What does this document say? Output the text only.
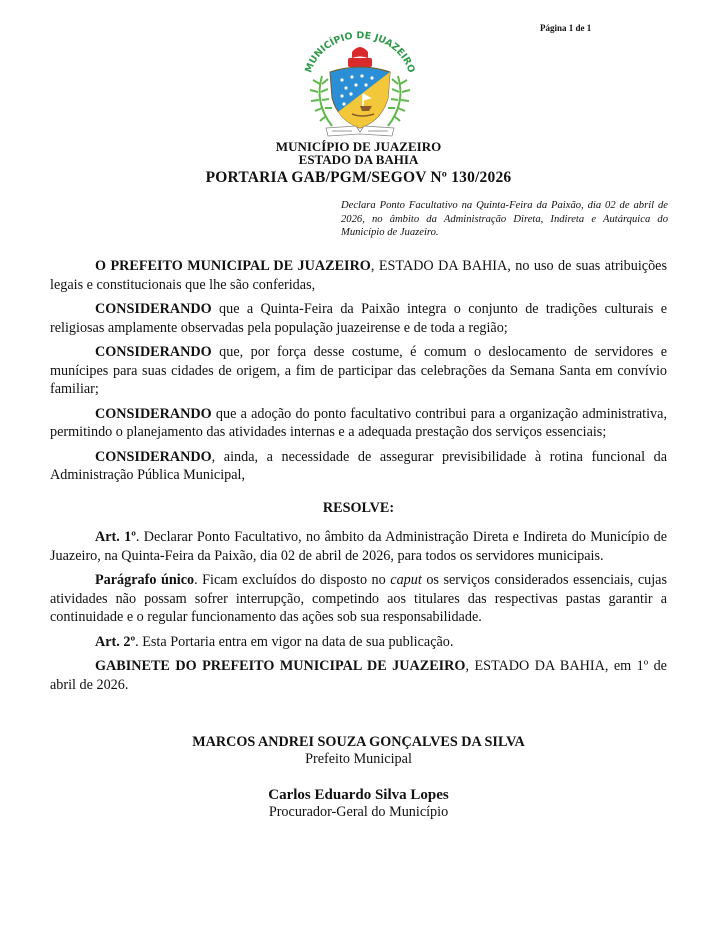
Página 1 de 1
MUNICÍPIO DE JUAZEIRO
MUNICÍPIO DE JUAZEIRO
ESTADO DA BAHIA
PORTARIA GAB/PGM/SEGOV Nº 130/2026
Declara Ponto Facultativo na Quinta-Feira da Paixão, dia 02 de abril de 2026, no âmbito da Administração Direta, Indireta e Autárquica do Município de Juazeiro.

O PREFEITO MUNICIPAL DE JUAZEIRO, ESTADO DA BAHIA, no uso de suas atribuições legais e constitucionais que lhe são conferidas,

CONSIDERANDO que a Quinta-Feira da Paixão integra o conjunto de tradições culturais e religiosas amplamente observadas pela população juazeirense e de toda a região;

CONSIDERANDO que, por força desse costume, é comum o deslocamento de servidores e munícipes para suas cidades de origem, a fim de participar das celebrações da Semana Santa em convívio familiar;

CONSIDERANDO que a adoção do ponto facultativo contribui para a organização administrativa, permitindo o planejamento das atividades internas e a adequada prestação dos serviços essenciais;

CONSIDERANDO, ainda, a necessidade de assegurar previsibilidade à rotina funcional da Administração Pública Municipal,

RESOLVE:

Art. 1º. Declarar Ponto Facultativo, no âmbito da Administração Direta e Indireta do Município de Juazeiro, na Quinta-Feira da Paixão, dia 02 de abril de 2026, para todos os servidores municipais.

Parágrafo único. Ficam excluídos do disposto no caput os serviços considerados essenciais, cujas atividades não possam sofrer interrupção, competindo aos titulares das respectivas pastas garantir a continuidade e o regular funcionamento das ações sob sua responsabilidade.

Art. 2º. Esta Portaria entra em vigor na data de sua publicação.

GABINETE DO PREFEITO MUNICIPAL DE JUAZEIRO, ESTADO DA BAHIA, em 1º de abril de 2026.

MARCOS ANDREI SOUZA GONÇALVES DA SILVA
Prefeito Municipal
Carlos Eduardo Silva Lopes
Procurador-Geral do Município
